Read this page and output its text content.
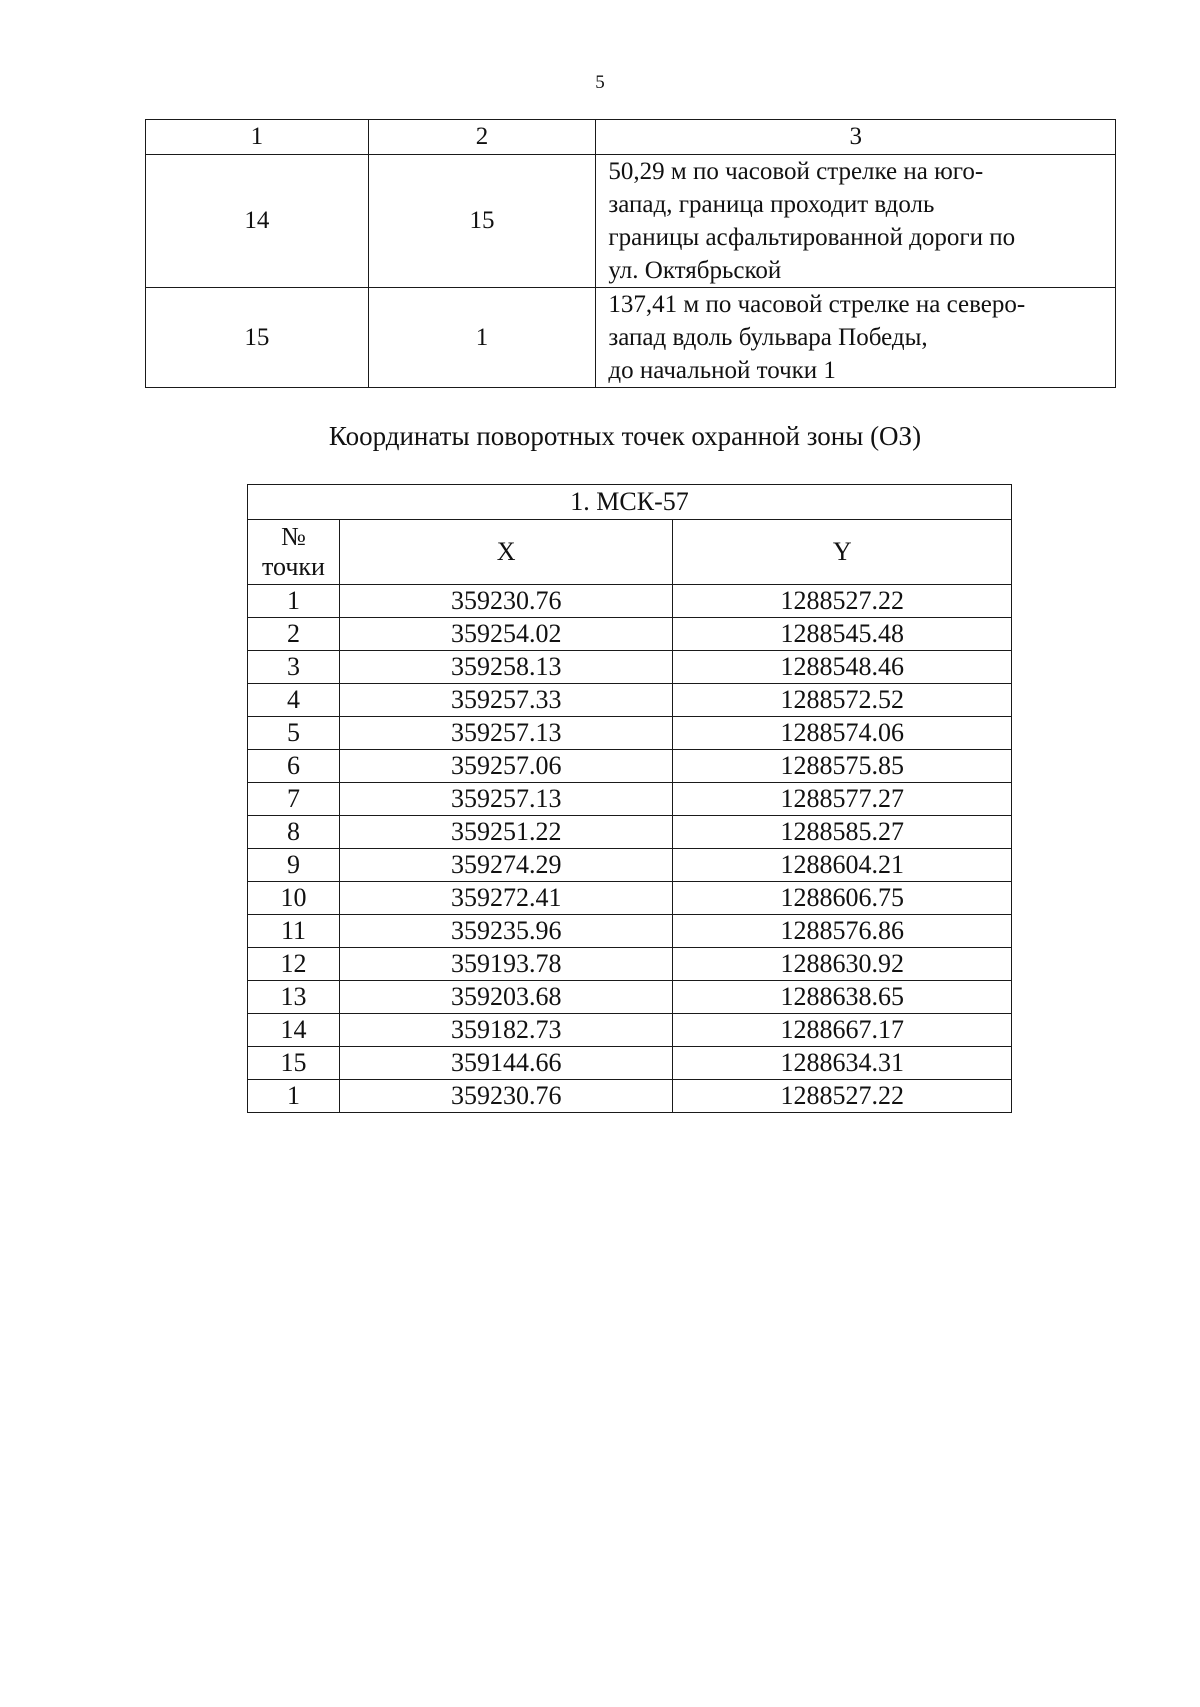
5
1	2	3
14	15	50,29 м по часовой стрелке на юго-
запад, граница проходит вдоль
границы асфальтированной дороги по
ул. Октябрьской

15	1	137,41 м по часовой стрелке на северо-
запад вдоль бульвара Победы,
до начальной точки 1
Координаты поворотных точек охранной зоны (ОЗ)
1. МСК-57		

№
точки	X	Y
1	359230.76	1288527.22
2	359254.02	1288545.48
3	359258.13	1288548.46
4	359257.33	1288572.52
5	359257.13	1288574.06
6	359257.06	1288575.85
7	359257.13	1288577.27
8	359251.22	1288585.27
9	359274.29	1288604.21
10	359272.41	1288606.75
11	359235.96	1288576.86
12	359193.78	1288630.92
13	359203.68	1288638.65
14	359182.73	1288667.17
15	359144.66	1288634.31
1	359230.76	1288527.22
